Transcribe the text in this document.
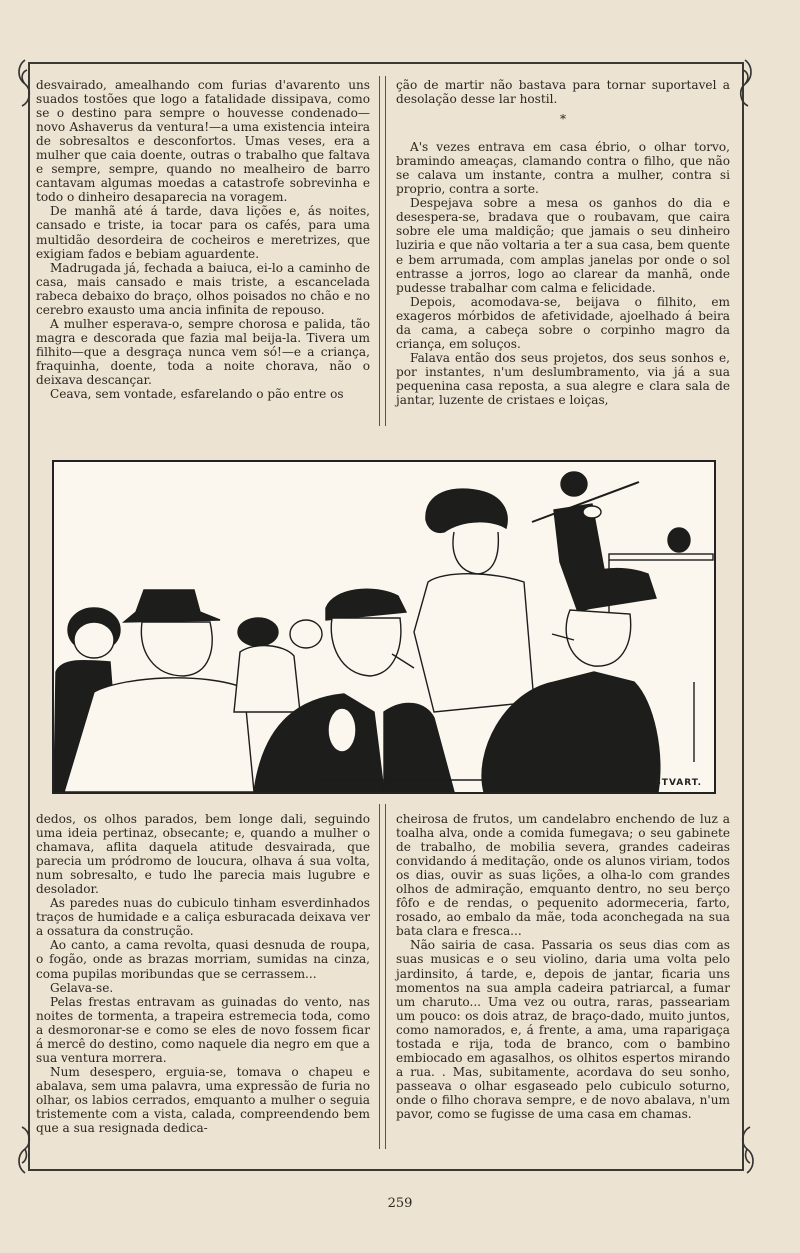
desvairado, amealhando com furias d'avarento uns suados tostões que logo a fatalidade dissipava, como se o destino para sempre o houvesse condenado—novo Ashaverus da ventura!—a uma existencia inteira de sobresaltos e desconfortos. Umas veses, era a mulher que caia doente, outras o trabalho que faltava e sempre, sempre, quando no mealheiro de barro cantavam algumas moedas a catastrofe sobrevinha e todo o dinheiro desaparecia na voragem.

De manhã até á tarde, dava lições e, ás noites, cansado e triste, ia tocar para os cafés, para uma multidão desordeira de cocheiros e meretrizes, que exigiam fados e bebiam aguardente.

Madrugada já, fechada a baiuca, ei-lo a caminho de casa, mais cansado e mais triste, a escancelada rabeca debaixo do braço, olhos poisados no chão e no cerebro exausto uma ancia infinita de repouso.

A mulher esperava-o, sempre chorosa e palida, tão magra e descorada que fazia mal beija-la. Tivera um filhito—que a desgraça nunca vem só!—e a criança, fraquinha, doente, toda a noite chorava, não o deixava descançar.

Ceava, sem vontade, esfarelando o pão entre os

ção de martir não bastava para tornar suportavel a desolação desse lar hostil.

*

A's vezes entrava em casa ébrio, o olhar torvo, bramindo ameaças, clamando contra o filho, que não se calava um instante, contra a mulher, contra si proprio, contra a sorte.

Despejava sobre a mesa os ganhos do dia e desespera-se, bradava que o roubavam, que caira sobre ele uma maldição; que jamais o seu dinheiro luziria e que não voltaria a ter a sua casa, bem quente e bem arrumada, com amplas janelas por onde o sol entrasse a jorros, logo ao clarear da manhã, onde pudesse trabalhar com calma e felicidade.

Depois, acomodava-se, beijava o filhito, em exageros mórbidos de afetividade, ajoelhado á beira da cama, a cabeça sobre o corpinho magro da criança, em soluços.

Falava então dos seus projetos, dos seus sonhos e, por instantes, n'um deslumbramento, via já a sua pequenina casa reposta, a sua alegre e clara sala de jantar, luzente de cristaes e loiças,

STVART.

dedos, os olhos parados, bem longe dali, seguindo uma ideia pertinaz, obsecante; e, quando a mulher o chamava, aflita daquela atitude desvairada, que parecia um pródromo de loucura, olhava á sua volta, num sobresalto, e tudo lhe parecia mais lugubre e desolador.

As paredes nuas do cubiculo tinham esverdinhados traços de humidade e a caliça esburacada deixava ver a ossatura da construção.

Ao canto, a cama revolta, quasi desnuda de roupa, o fogão, onde as brazas morriam, sumidas na cinza, coma pupilas moribundas que se cerrassem...

Gelava-se.

Pelas frestas entravam as guinadas do vento, nas noites de tormenta, a trapeira estremecia toda, como a desmoronar-se e como se eles de novo fossem ficar á mercê do destino, como naquele dia negro em que a sua ventura morrera.

Num desespero, erguia-se, tomava o chapeu e abalava, sem uma palavra, uma expressão de furia no olhar, os labios cerrados, emquanto a mulher o seguia tristemente com a vista, calada, compreendendo bem que a sua resignada dedica-

cheirosa de frutos, um candelabro enchendo de luz a toalha alva, onde a comida fumegava; o seu gabinete de trabalho, de mobilia severa, grandes cadeiras convidando á meditação, onde os alunos viriam, todos os dias, ouvir as suas lições, a olha-lo com grandes olhos de admiração, emquanto dentro, no seu berço fôfo e de rendas, o pequenito adormeceria, farto, rosado, ao embalo da mãe, toda aconchegada na sua bata clara e fresca...

Não sairia de casa. Passaria os seus dias com as suas musicas e o seu violino, daria uma volta pelo jardinsito, á tarde, e, depois de jantar, ficaria uns momentos na sua ampla cadeira patriarcal, a fumar um charuto... Uma vez ou outra, raras, passeariam um pouco: os dois atraz, de braço-dado, muito juntos, como namorados, e, á frente, a ama, uma raparigaça tostada e rija, toda de branco, com o bambino embiocado em agasalhos, os olhitos espertos mirando a rua. . Mas, subitamente, acordava do seu sonho, passeava o olhar esgaseado pelo cubiculo soturno, onde o filho chorava sempre, e de novo abalava, n'um pavor, como se fugisse de uma casa em chamas.

259
